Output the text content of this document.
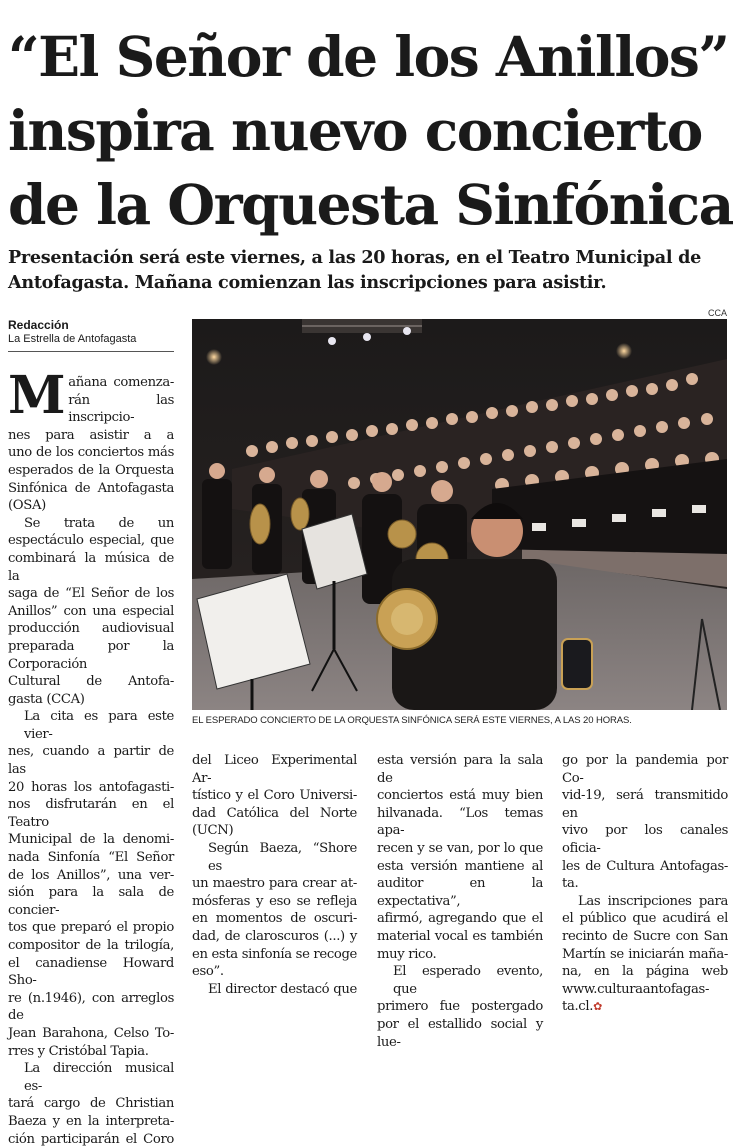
“El Señor de los Anillos”
inspira nuevo concierto
de la Orquesta Sinfónica
Presentación será este viernes, a las 20 horas, en el Teatro Municipal de
Antofagasta. Mañana comienzan las inscripciones para asistir.
Redacción
La Estrella de Antofagasta
CCA
EL ESPERADO CONCIERTO DE LA ORQUESTA SINFÓNICA SERÁ ESTE VIERNES, A LAS 20 HORAS.
M añana comenza-
rán las inscripcio-
nes para asistir a a
uno de los conciertos más
esperados de la Orquesta
Sinfónica de Antofagasta
(OSA)
Se trata de un
espectáculo especial, que
combinará la música de la
saga de “El Señor de los
Anillos” con una especial
producción audiovisual
preparada por la Corporación
Cultural de Antofa-
gasta (CCA)
La cita es para este vier-
nes, cuando a partir de las
20 horas los antofagasti-
nos disfrutarán en el Teatro
Municipal de la denomi-
nada Sinfonía “El Señor
de los Anillos”, una ver-
sión para la sala de concier-
tos que preparó el propio
compositor de la trilogía,
el canadiense Howard Sho-
re (n.1946), con arreglos de
Jean Barahona, Celso To-
rres y Cristóbal Tapia.
La dirección musical es-
tará cargo de Christian
Baeza y en la interpreta-
ción participarán el Coro
del Liceo Experimental Ar-
tístico y el Coro Universi-
dad Católica del Norte
(UCN)
Según Baeza, “Shore es
un maestro para crear at-
mósferas y eso se refleja
en momentos de oscuri-
dad, de claroscuros (...) y
en esta sinfonía se recoge
eso”.
El director destacó que
esta versión para la sala de
conciertos está muy bien
hilvanada. “Los temas apa-
recen y se van, por lo que
esta versión mantiene al
auditor en la expectativa”,
afirmó, agregando que el
material vocal es también
muy rico.
El esperado evento, que
primero fue postergado
por el estallido social y lue-
go por la pandemia por Co-
vid-19, será transmitido en
vivo por los canales oficia-
les de Cultura Antofagas-
ta.
Las inscripciones para
el público que acudirá el
recinto de Sucre con San
Martín se iniciarán maña-
na, en la página web
www.culturaantofagas-
ta.cl.✿
